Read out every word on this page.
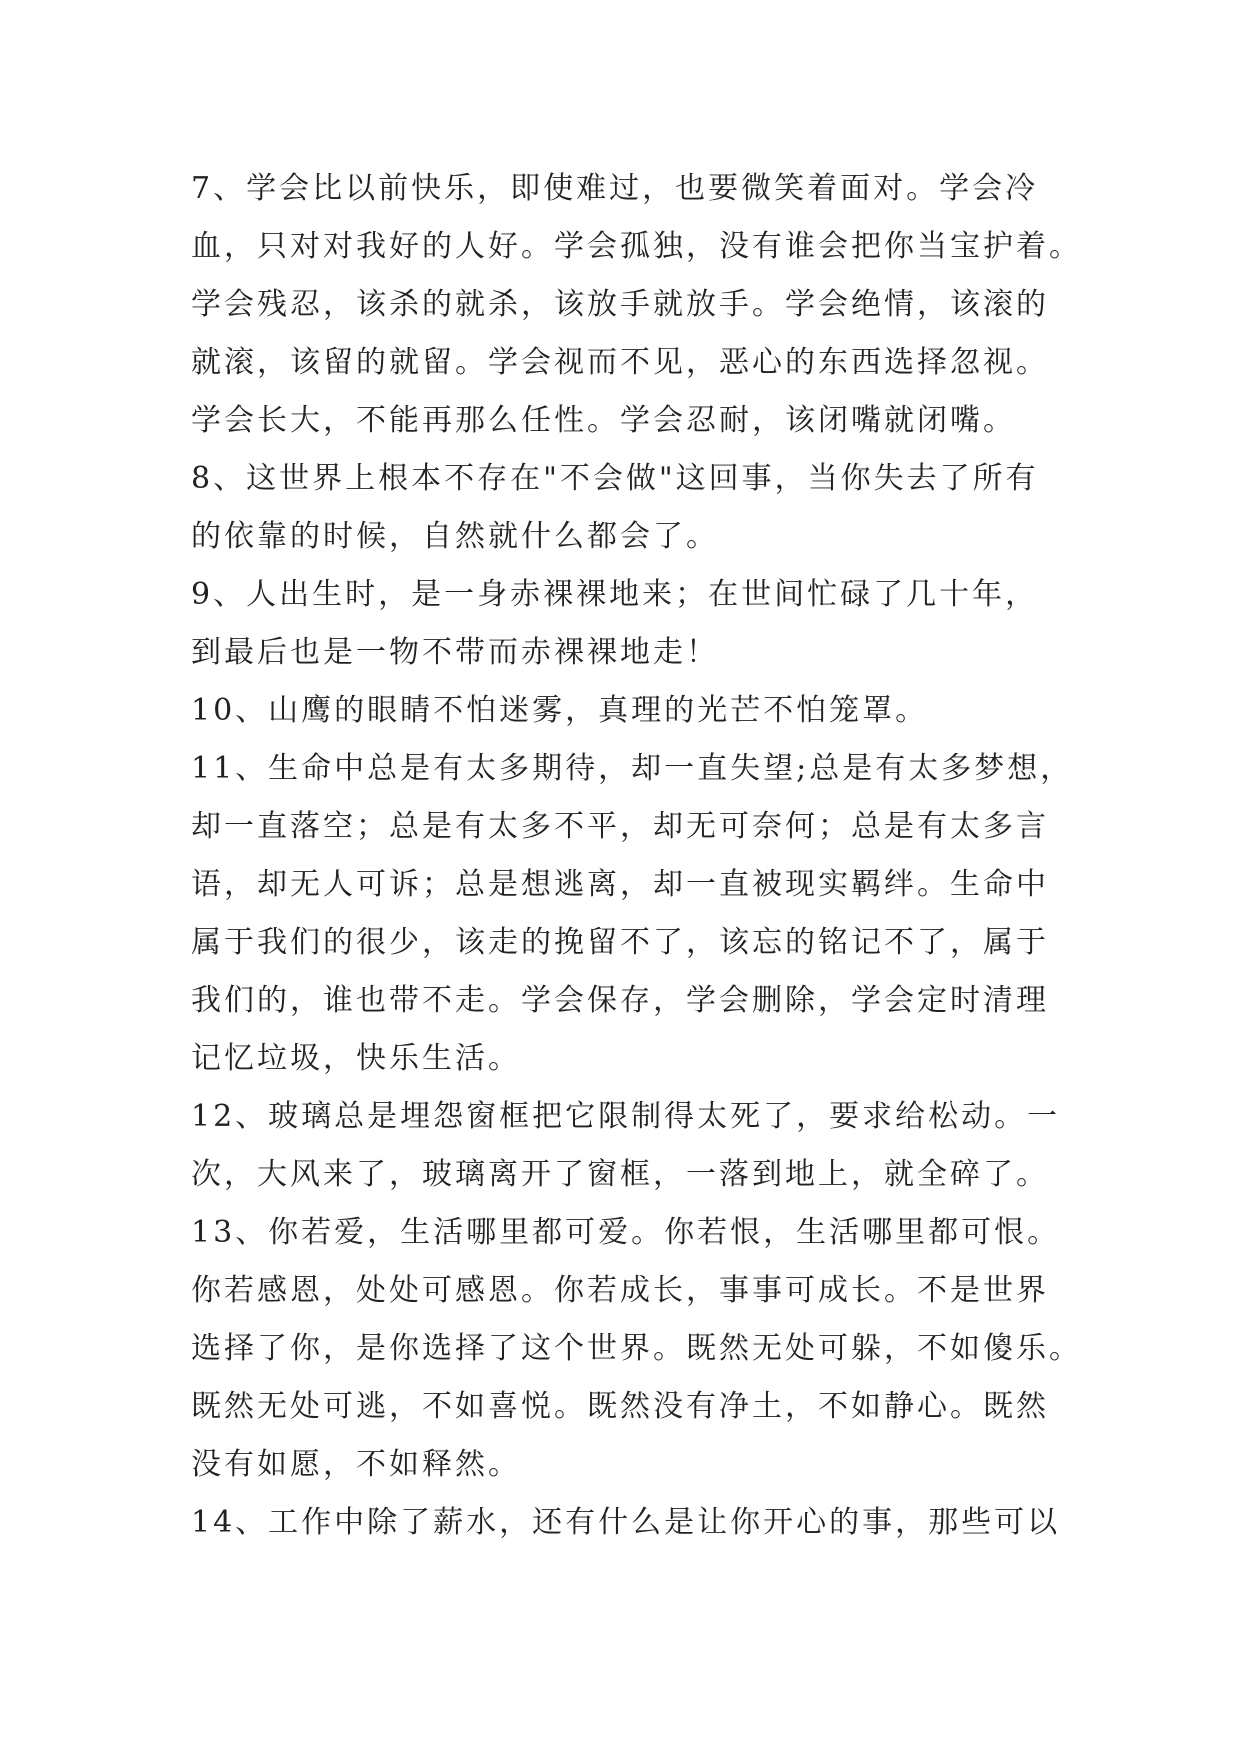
7、学会比以前快乐，即使难过，也要微笑着面对。学会冷
血，只对对我好的人好。学会孤独，没有谁会把你当宝护着。
学会残忍，该杀的就杀，该放手就放手。学会绝情，该滚的
就滚，该留的就留。学会视而不见，恶心的东西选择忽视。
学会长大，不能再那么任性。学会忍耐，该闭嘴就闭嘴。
8、这世界上根本不存在"不会做"这回事，当你失去了所有
的依靠的时候，自然就什么都会了。
9、人出生时，是一身赤裸裸地来；在世间忙碌了几十年，
到最后也是一物不带而赤裸裸地走！
10、山鹰的眼睛不怕迷雾，真理的光芒不怕笼罩。
11、生命中总是有太多期待，却一直失望;总是有太多梦想，
却一直落空；总是有太多不平，却无可奈何；总是有太多言
语，却无人可诉；总是想逃离，却一直被现实羁绊。生命中
属于我们的很少，该走的挽留不了，该忘的铭记不了，属于
我们的，谁也带不走。学会保存，学会删除，学会定时清理
记忆垃圾，快乐生活。
12、玻璃总是埋怨窗框把它限制得太死了，要求给松动。一
次，大风来了，玻璃离开了窗框，一落到地上，就全碎了。
13、你若爱，生活哪里都可爱。你若恨，生活哪里都可恨。
你若感恩，处处可感恩。你若成长，事事可成长。不是世界
选择了你，是你选择了这个世界。既然无处可躲，不如傻乐。
既然无处可逃，不如喜悦。既然没有净土，不如静心。既然
没有如愿，不如释然。
14、工作中除了薪水，还有什么是让你开心的事，那些可以
